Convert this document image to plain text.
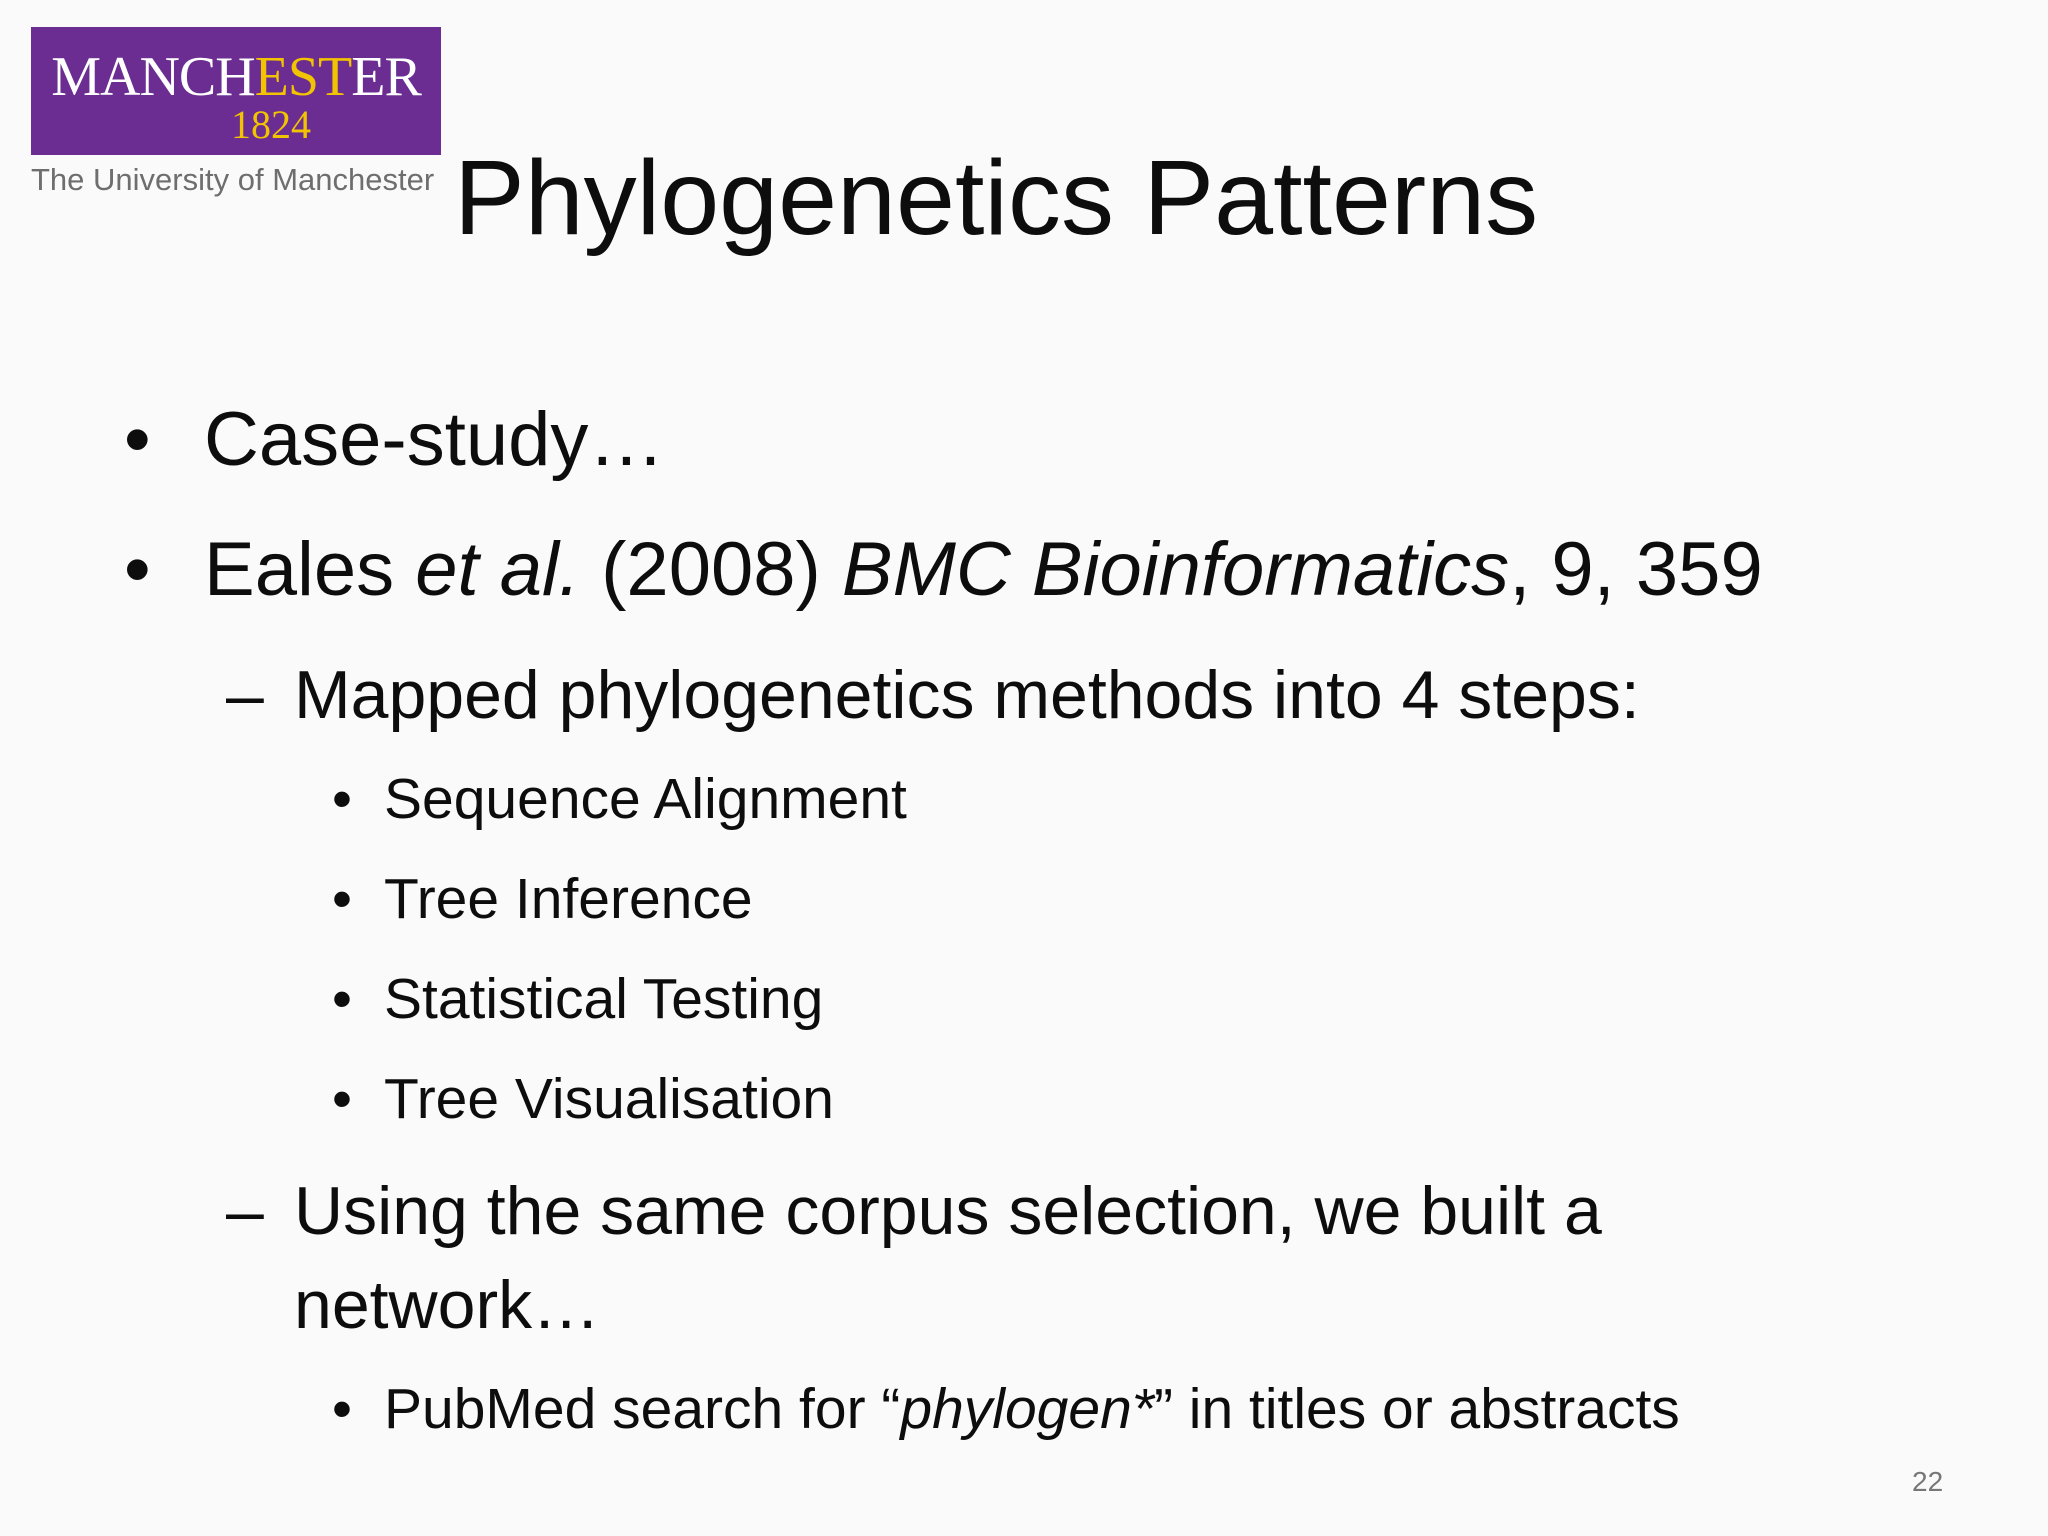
MANCHESTER
1824
The University of Manchester Phylogenetics Patterns
• Case-study…

• Eales et al. (2008) BMC Bioinformatics, 9, 359

– Mapped phylogenetics methods into 4 steps:

• Sequence Alignment

• Tree Inference

• Statistical Testing

• Tree Visualisation

– Using the same corpus selection, we built a

network…

• PubMed search for “phylogen*” in titles or abstracts

22
